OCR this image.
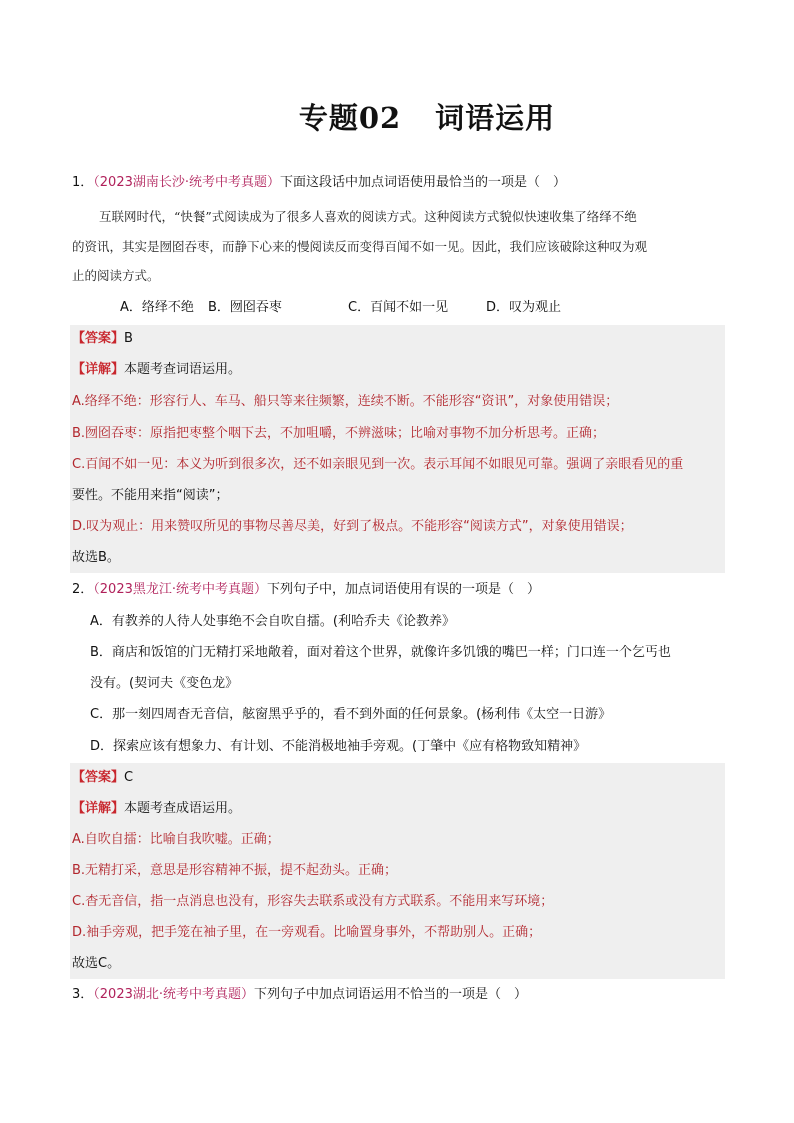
专题02 词语运用
1．（2023湖南长沙·统考中考真题）下面这段话中加点词语使用最恰当的一项是（　）
互联网时代，“快餐”式阅读成为了很多人喜欢的阅读方式。这种阅读方式貌似快速收集了络绎不绝
的资讯，其实是囫囵吞枣，而静下心来的慢阅读反而变得百闻不如一见。因此，我们应该破除这种叹为观
止的阅读方式。
A．络绎不绝 B．囫囵吞枣	C．百闻不如一见	D．叹为观止
【答案】B
【详解】本题考查词语运用。
A.络绎不绝：形容行人、车马、船只等来往频繁，连续不断。不能形容“资讯”，对象使用错误；
B.囫囵吞枣：原指把枣整个咽下去，不加咀嚼，不辨滋味；比喻对事物不加分析思考。正确；
C.百闻不如一见：本义为听到很多次，还不如亲眼见到一次。表示耳闻不如眼见可靠。强调了亲眼看见的重
要性。不能用来指“阅读”；
D.叹为观止：用来赞叹所见的事物尽善尽美，好到了极点。不能形容“阅读方式”，对象使用错误；
故选B。
2．（2023黑龙江·统考中考真题）下列句子中，加点词语使用有误的一项是（　）
A．有教养的人待人处事绝不会自吹自擂。(利哈乔夫《论教养》
B．商店和饭馆的门无精打采地敞着，面对着这个世界，就像许多饥饿的嘴巴一样；门口连一个乞丐也
没有。(契诃夫《变色龙》
C．那一刻四周杳无音信，舷窗黑乎乎的，看不到外面的任何景象。(杨利伟《太空一日游》
D．探索应该有想象力、有计划、不能消极地袖手旁观。(丁肇中《应有格物致知精神》
【答案】C
【详解】本题考查成语运用。
A.自吹自擂：比喻自我吹嘘。正确；
B.无精打采，意思是形容精神不振，提不起劲头。正确；
C.杳无音信，指一点消息也没有，形容失去联系或没有方式联系。不能用来写环境；
D.袖手旁观，把手笼在袖子里，在一旁观看。比喻置身事外，不帮助别人。正确；
故选C。
3．（2023湖北·统考中考真题）下列句子中加点词语运用不恰当的一项是（　）
